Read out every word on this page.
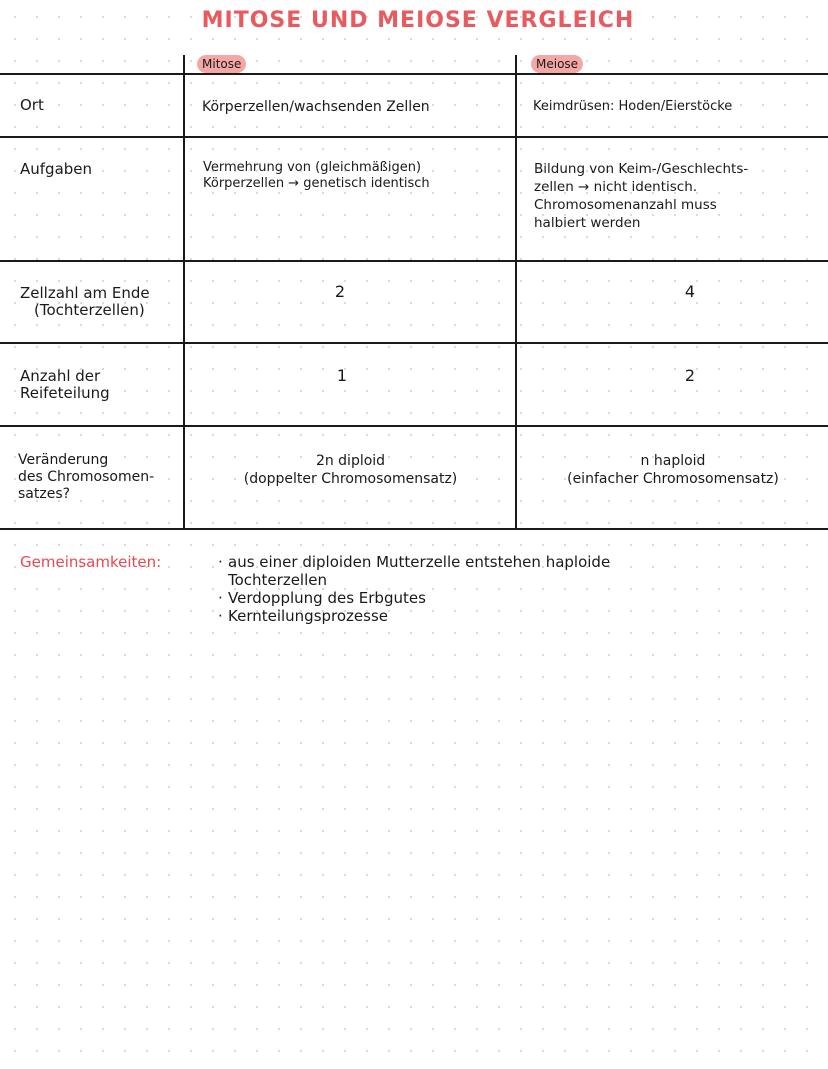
MITOSE UND MEIOSE VERGLEICH
Mitose	Meiose
Ort	Körperzellen/wachsenden Zellen	Keimdrüsen: Hoden/Eierstöcke
Aufgaben	Vermehrung von (gleichmäßigen)
Körperzellen → genetisch identisch
Bildung von Keim-/Geschlechts-
zellen → nicht identisch.
Chromosomenanzahl muss
halbiert werden
Zellzahl am Ende
(Tochterzellen)
2	4
Anzahl der
Reifeteilung
1	2
Veränderung
des Chromosomen-
satzes?
2n diploid
(doppelter Chromosomensatz)
n haploid
(einfacher Chromosomensatz)
Gemeinsamkeiten:
·	aus einer diploiden Mutterzelle entstehen haploide
Tochterzellen
· Verdopplung des Erbgutes
· Kernteilungsprozesse
